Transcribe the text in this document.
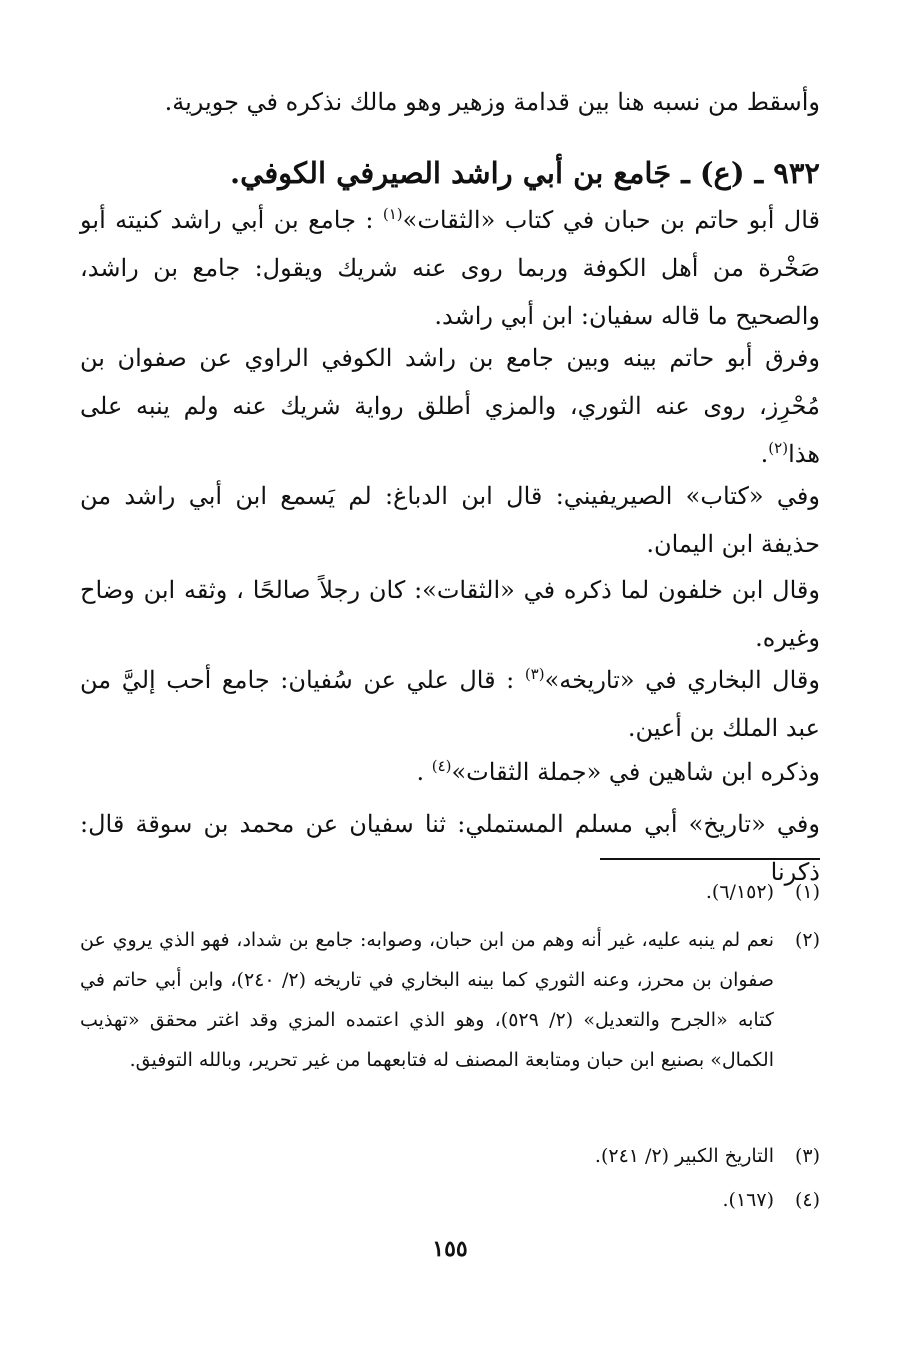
وأسقط من نسبه هنا بين قدامة وزهير وهو مالك نذكره في جويرية.

٩٣٢ ـ (ع) ـ جَامع بن أبي راشد الصيرفي الكوفي.

قال أبو حاتم بن حبان في كتاب «الثقات»$^{(١)}$ : جامع بن أبي راشد كنيته أبو صَخْرة من أهل الكوفة وربما روى عنه شريك ويقول: جامع بن راشد، والصحيح ما قاله سفيان: ابن أبي راشد.

وفرق أبو حاتم بينه وبين جامع بن راشد الكوفي الراوي عن صفوان بن مُحْرِز، روى عنه الثوري، والمزي أطلق رواية شريك عنه ولم ينبه على هذا$^{(٢)}$.

وفي «كتاب» الصيريفيني: قال ابن الدباغ: لم يَسمع ابن أبي راشد من حذيفة ابن اليمان.

وقال ابن خلفون لما ذكره في «الثقات»: كان رجلاً صالحًا ، وثقه ابن وضاح وغيره.

وقال البخاري في «تاريخه»$^{(٣)}$ : قال علي عن سُفيان: جامع أحب إليَّ من عبد الملك بن أعين.

وذكره ابن شاهين في «جملة الثقات»$^{(٤)}$ .

وفي «تاريخ» أبي مسلم المستملي: ثنا سفيان عن محمد بن سوقة قال: ذكرنا

(١)
(٦/١٥٢).
(٢)
نعم لم ينبه عليه، غير أنه وهم من ابن حبان، وصوابه: جامع بن شداد، فهو الذي يروي عن صفوان بن محرز، وعنه الثوري كما بينه البخاري في تاريخه (٢/ ٢٤٠)، وابن أبي حاتم في كتابه «الجرح والتعديل» (٢/ ٥٢٩)، وهو الذي اعتمده المزي وقد اغتر محقق «تهذيب الكمال» بصنيع ابن حبان ومتابعة المصنف له فتابعهما من غير تحرير، وبالله التوفيق.
(٣)
التاريخ الكبير (٢/ ٢٤١).
(٤)
(١٦٧).
١٥٥
